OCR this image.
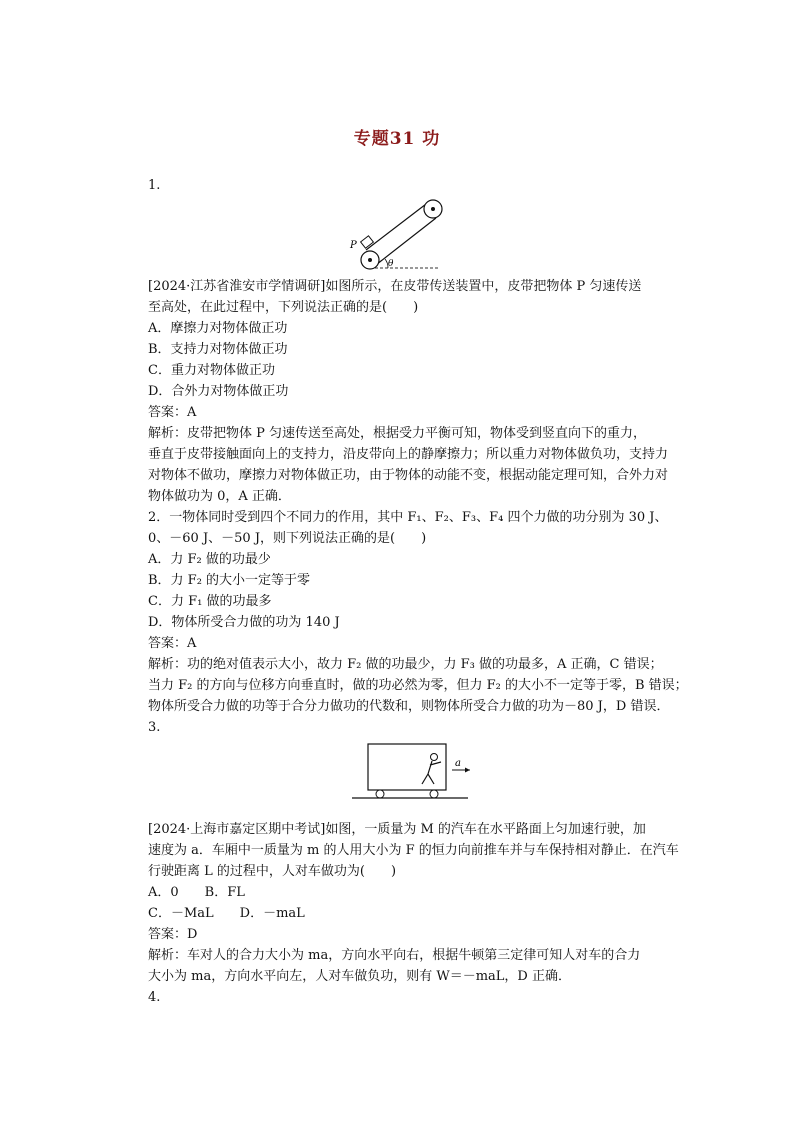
专题31 功
1.
P
θ
[2024·江苏省淮安市学情调研]如图所示，在皮带传送装置中，皮带把物体 P 匀速传送
至高处，在此过程中，下列说法正确的是(　　)
A．摩擦力对物体做正功
B．支持力对物体做正功
C．重力对物体做正功
D．合外力对物体做正功
答案：A
解析：皮带把物体 P 匀速传送至高处，根据受力平衡可知，物体受到竖直向下的重力，
垂直于皮带接触面向上的支持力，沿皮带向上的静摩擦力；所以重力对物体做负功，支持力
对物体不做功，摩擦力对物体做正功，由于物体的动能不变，根据动能定理可知，合外力对
物体做功为 0，A 正确．
2．一物体同时受到四个不同力的作用，其中 F₁、F₂、F₃、F₄ 四个力做的功分别为 30 J、
0、－60 J、－50 J，则下列说法正确的是(　　)
A．力 F₂ 做的功最少
B．力 F₂ 的大小一定等于零
C．力 F₁ 做的功最多
D．物体所受合力做的功为 140 J
答案：A
解析：功的绝对值表示大小，故力 F₂ 做的功最少，力 F₃ 做的功最多，A 正确，C 错误；
当力 F₂ 的方向与位移方向垂直时，做的功必然为零，但力 F₂ 的大小不一定等于零，B 错误；
物体所受合力做的功等于合分力做功的代数和，则物体所受合力做的功为－80 J，D 错误．
3.
a
[2024·上海市嘉定区期中考试]如图，一质量为 M 的汽车在水平路面上匀加速行驶，加
速度为 a．车厢中一质量为 m 的人用大小为 F 的恒力向前推车并与车保持相对静止．在汽车
行驶距离 L 的过程中，人对车做功为(　　)
A．0　　B．FL
C．－MaL　　D．－maL
答案：D
解析：车对人的合力大小为 ma，方向水平向右，根据牛顿第三定律可知人对车的合力
大小为 ma，方向水平向左，人对车做负功，则有 W＝－maL，D 正确．
4.
